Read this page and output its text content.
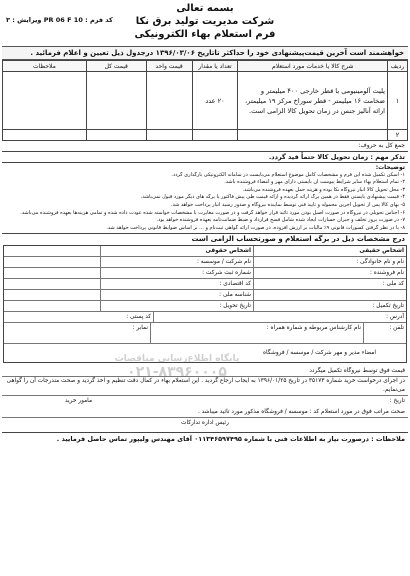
بسمه تعالی
شرکت مدیریت تولید برق نکا
فرم استعلام بهاء الکترونیکی
کد فرم : PR 06 F 10 ویرایش : ۳
خواهشمند است آخرین قیمت‌پیشنهادی خود را حداکثر تاتاریخ ۱۳۹۶/۰۳/۰۶ درجدول ذیل تعیین و اعلام فرمائید .
ردیف	شرح کالا یا خدمات مورد استعلام	تعداد یا مقدار	قیمت واحد	قیمت کل	ملاحظات
۱	پلیت آلومینیومی با قطر خارجی ۴۰۰ میلیمتر و ضخامت ۱۶ میلیمتر - قطر سوراخ مرکز ۱۹ میلیمتر، ارائه آنالیز جنس در زمان تحویل کالا الزامی است.	۲۰ عدد			
۲					
جمع کل به حروف:
تذکر مهم : زمان تحویل کالا حتماً قید گردد.
توضیحات:
۱- اسکن تکمیل شده این فرم و مشخصات کامل موضوع استعلام می‌بایست در سامانه الکترونیکی بارگذاری گردد.
۲- تمام استعلام بهاء سایر شرایط پیوست آن بایستی دارای مهر و امضاء فروشنده باشد.
۳- محل تحویل کالا انبار نیروگاه نکا بوده و هزینه حمل بعهده فروشنده می‌باشد.
۴- قیمت پیشنهادی بایستی فقط در همین برگ ارائه گردیده و ارائه قیمت طی پیش فاکتور یا برگه های دیگر مورد قبول نمی‌باشد.
۵- بهای کالا پس از تحویل آخرین محموله و تایید فنی توسط نماینده نیروگاه و صدور رسید انبار پرداخت خواهد شد.
۶- اجناس تحویلی در نیروگاه در صورت اصیل بودن مورد تائید قرار خواهد گرفت و در صورت مغایرت با مشخصات خواسته شده عودت داده شده و تمامی هزینه‌ها بعهده فروشنده می‌باشد.
۷- در صورت بروز تخلف و جبران خسارات ایجاد شده شامل فسخ قرارداد و ضبط ضمانت‌نامه بعهده فروشنده خواهد بود.
۸- با در نظر گرفتن کسورات قانونی ۹٪ مالیات بر ارزش افزوده، در صورت ارائه گواهی ثبت‌نام و ... بر اساس ضوابط قانونی پرداخت خواهد شد.
درج مشخصات ذیل در برگه استعلام و صورتحساب الزامی است
اشخاص حقیقی
اشخاص حقوقی
نام و نام خانوادگی :
نام شرکت / موسسه :
نام فروشنده :
شماره ثبت شرکت :
کد ملی :
کد اقتصادی :
شناسه ملی :
تاریخ تکمیل :
تاریخ تحویل :
آدرس :
کد پستی :
تلفن :
نام کارشناس مربوطه و شماره همراه :
نمابر :
امضاء مدیر و مهر شرکت / موسسه / فروشگاه
پایگاه اطلاع‌رسانی مناقصات
۰۲۱-۸۳۹۶۰۰۰۵	قیمت فوق توسط نیروگاه تکمیل میگردد
در اجرای درخواست خرید شماره ۳۵۱۷۳ در تاریخ ۱۳۹۶/۰۱/۲۵ به ایجاب ارجاع گردید . این استعلام بهاء در کمال دقت تنظیم و اخذ گردید و صحت مندرجات آن را گواهی می‌نمایم.
تاریخ :
مامور خرید
صحت مراتب فوق در مورد استعلام کد : موسسه / فروشگاه مذکور مورد تائید میباشد .
رئیس اداره تدارکات
ملاحظات : درصورت نیاز به اطلاعات فنی با شماره ۰۱۱۳۴۶۵۹۷۴۹۵ آقای مهندس ولیپور تماس حاصل فرمایید .
